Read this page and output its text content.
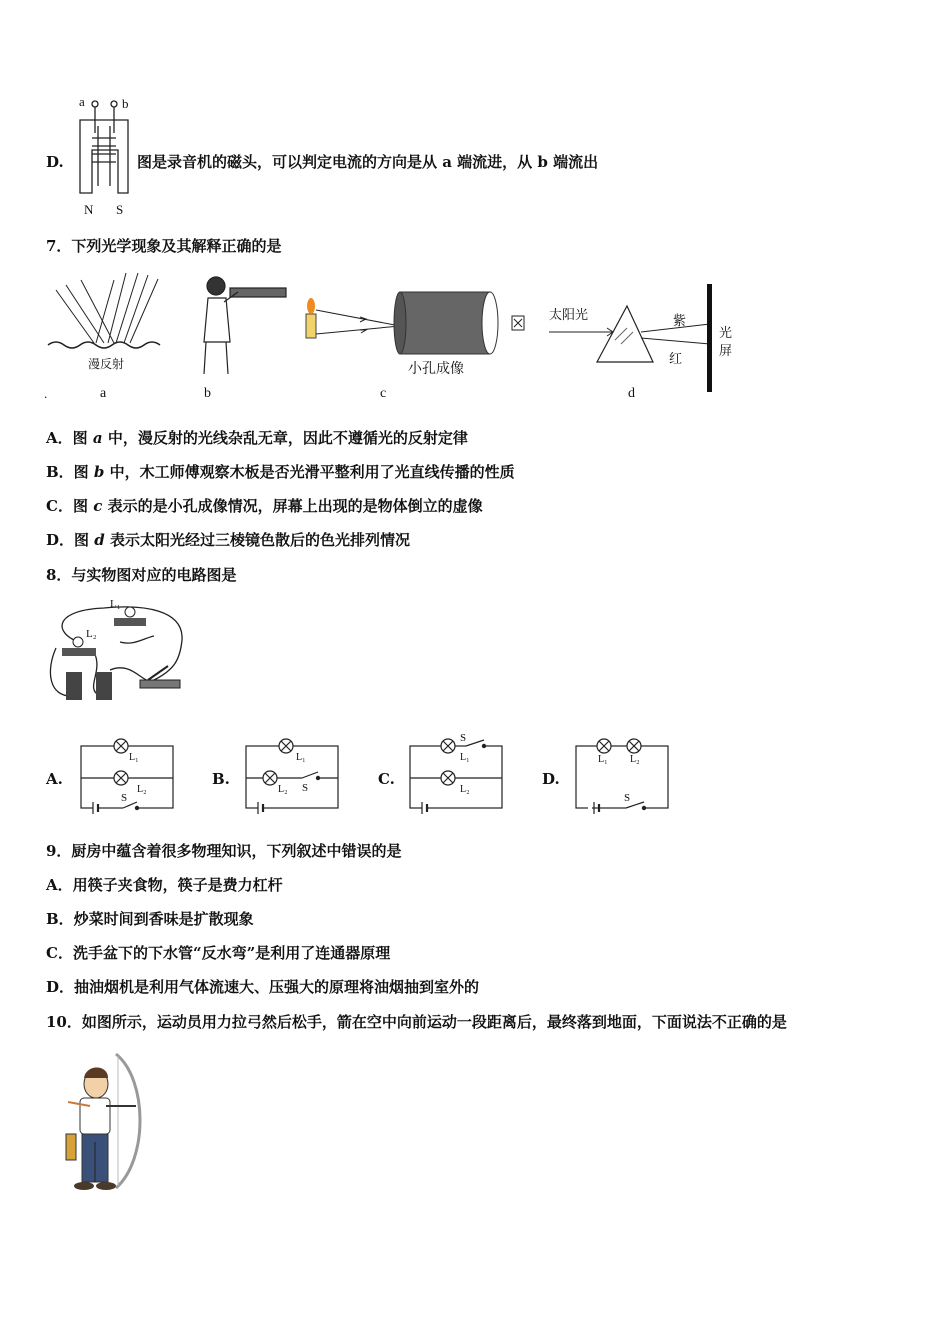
a	b
N S
D.	图是录音机的磁头，可以判定电流的方向是从 a 端流进，从 b 端流出
7．下列光学现象及其解释正确的是
漫反射
.	a	b
小孔成像
c
太阳光	紫
红
光
屏
d
A．图 a 中，漫反射的光线杂乱无章，因此不遵循光的反射定律
B．图 b 中，木工师傅观察木板是否光滑平整利用了光直线传播的性质
C．图 c 表示的是小孔成像情况，屏幕上出现的是物体倒立的虚像
D．图 d 表示太阳光经过三棱镜色散后的色光排列情况
8．与实物图对应的电路图是
L₁
L₂
A.
L₁
L₂
S
B.
L₁
L₂ S	C.
L₁
L₂
S
D.
L₁ L₂
S
9．厨房中蕴含着很多物理知识，下列叙述中错误的是
A．用筷子夹食物，筷子是费力杠杆
B．炒菜时间到香味是扩散现象
C．洗手盆下的下水管“反水弯”是利用了连通器原理
D．抽油烟机是利用气体流速大、压强大的原理将油烟抽到室外的
10．如图所示，运动员用力拉弓然后松手，箭在空中向前运动一段距离后，最终落到地面，下面说法不正确的是
